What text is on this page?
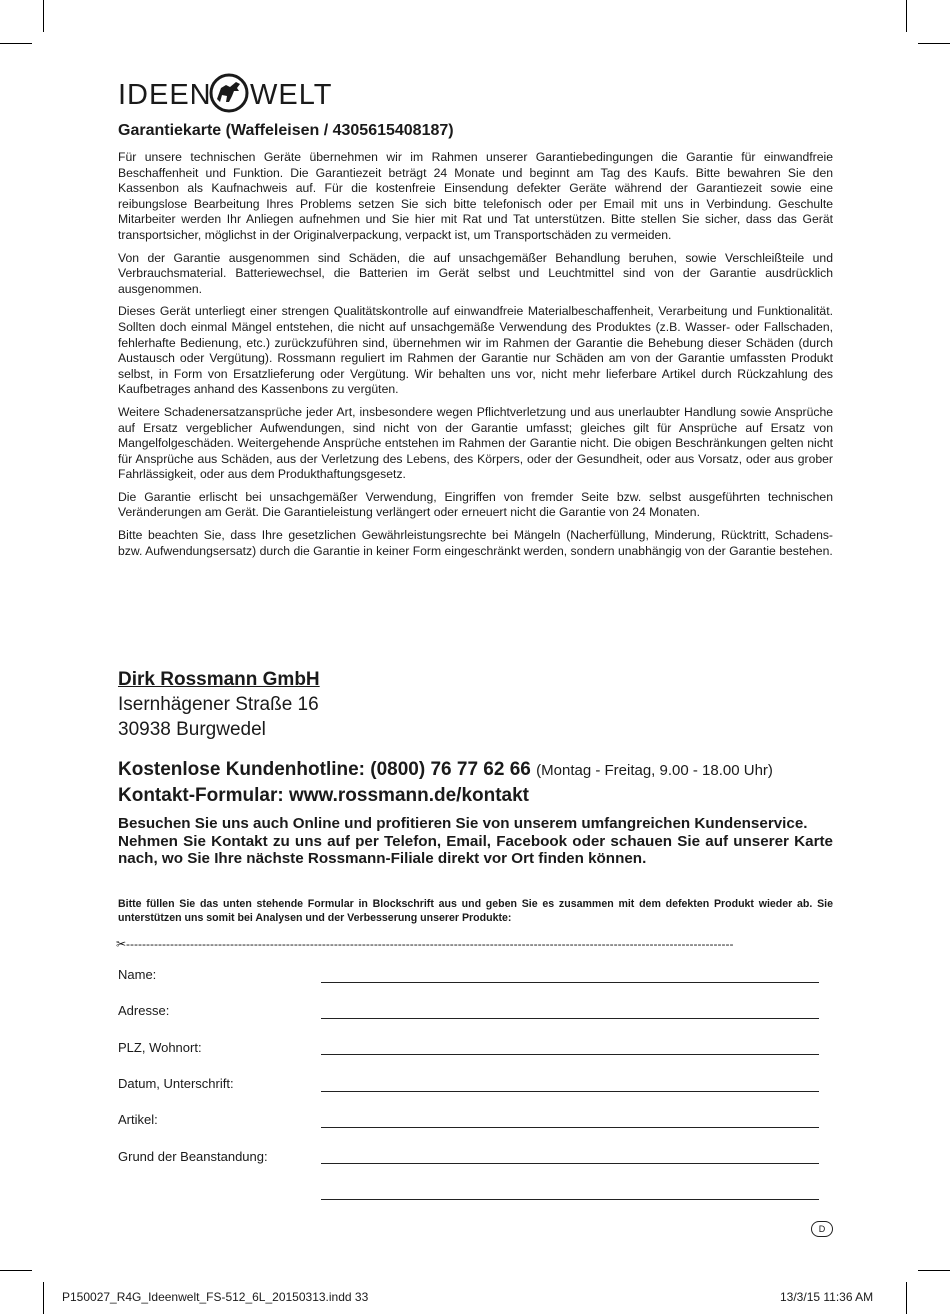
IDEEN WELT
Garantiekarte (Waffeleisen / 4305615408187)

Für unsere technischen Geräte übernehmen wir im Rahmen unserer Garantiebedingungen die Garantie für einwandfreie Beschaffenheit und Funktion. Die Garantiezeit beträgt 24 Monate und beginnt am Tag des Kaufs. Bitte bewahren Sie den Kassenbon als Kaufnachweis auf. Für die kostenfreie Einsendung defekter Geräte während der Garantiezeit sowie eine reibungslose Bearbeitung Ihres Problems setzen Sie sich bitte telefonisch oder per Email mit uns in Verbindung. Geschulte Mitarbeiter werden Ihr Anliegen aufnehmen und Sie hier mit Rat und Tat unterstützen. Bitte stellen Sie sicher, dass das Gerät transportsicher, möglichst in der Originalverpackung, verpackt ist, um Transportschäden zu vermeiden.

Von der Garantie ausgenommen sind Schäden, die auf unsachgemäßer Behandlung beruhen, sowie Verschleißteile und Verbrauchsmaterial. Batteriewechsel, die Batterien im Gerät selbst und Leuchtmittel sind von der Garantie ausdrücklich ausgenommen.

Dieses Gerät unterliegt einer strengen Qualitätskontrolle auf einwandfreie Materialbeschaffenheit, Verarbeitung und Funktionalität. Sollten doch einmal Mängel entstehen, die nicht auf unsachgemäße Verwendung des Produktes (z.B. Wasser- oder Fallschaden, fehlerhafte Bedienung, etc.) zurückzuführen sind, übernehmen wir im Rahmen der Garantie die Behebung dieser Schäden (durch Austausch oder Vergütung). Rossmann reguliert im Rahmen der Garantie nur Schäden am von der Garantie umfassten Produkt selbst, in Form von Ersatzlieferung oder Vergütung. Wir behalten uns vor, nicht mehr lieferbare Artikel durch Rückzahlung des Kaufbetrages anhand des Kassenbons zu vergüten.

Weitere Schadenersatzansprüche jeder Art, insbesondere wegen Pflichtverletzung und aus unerlaubter Handlung sowie Ansprüche auf Ersatz vergeblicher Aufwendungen, sind nicht von der Garantie umfasst; gleiches gilt für Ansprüche auf Ersatz von Mangelfolgeschäden. Weitergehende Ansprüche entstehen im Rahmen der Garantie nicht. Die obigen Beschränkungen gelten nicht für Ansprüche aus Schäden, aus der Verletzung des Lebens, des Körpers, oder der Gesundheit, oder aus Vorsatz, oder aus grober Fahrlässigkeit, oder aus dem Produkthaftungsgesetz.

Die Garantie erlischt bei unsachgemäßer Verwendung, Eingriffen von fremder Seite bzw. selbst ausgeführten technischen Veränderungen am Gerät. Die Garantieleistung verlängert oder erneuert nicht die Garantie von 24 Monaten.

Bitte beachten Sie, dass Ihre gesetzlichen Gewährleistungsrechte bei Mängeln (Nacherfüllung, Minderung, Rücktritt, Schadens- bzw. Aufwendungsersatz) durch die Garantie in keiner Form eingeschränkt werden, sondern unabhängig von der Garantie bestehen.

Dirk Rossmann GmbH
Isernhägener Straße 16
30938 Burgwedel
Kostenlose Kundenhotline: (0800) 76 77 62 66 (Montag - Freitag, 9.00 - 18.00 Uhr)
Kontakt-Formular: www.rossmann.de/kontakt

Besuchen Sie uns auch Online und profitieren Sie von unserem umfangreichen Kundenservice.

Nehmen Sie Kontakt zu uns auf per Telefon, Email, Facebook oder schauen Sie auf unserer Karte nach, wo Sie Ihre nächste Rossmann-Filiale direkt vor Ort finden können.

Bitte füllen Sie das unten stehende Formular in Blockschrift aus und geben Sie es zusammen mit dem defekten Produkt wieder ab. Sie unterstützen uns somit bei Analysen und der Verbesserung unserer Produkte:
✂--------------------------------------------------------------------------------------------------------------------------------------------------------
Name:
Adresse:
PLZ, Wohnort:
Datum, Unterschrift:
Artikel:
Grund der Beanstandung:
D
P150027_R4G_Ideenwelt_FS-512_6L_20150313.indd 33	13/3/15 11:36 AM
